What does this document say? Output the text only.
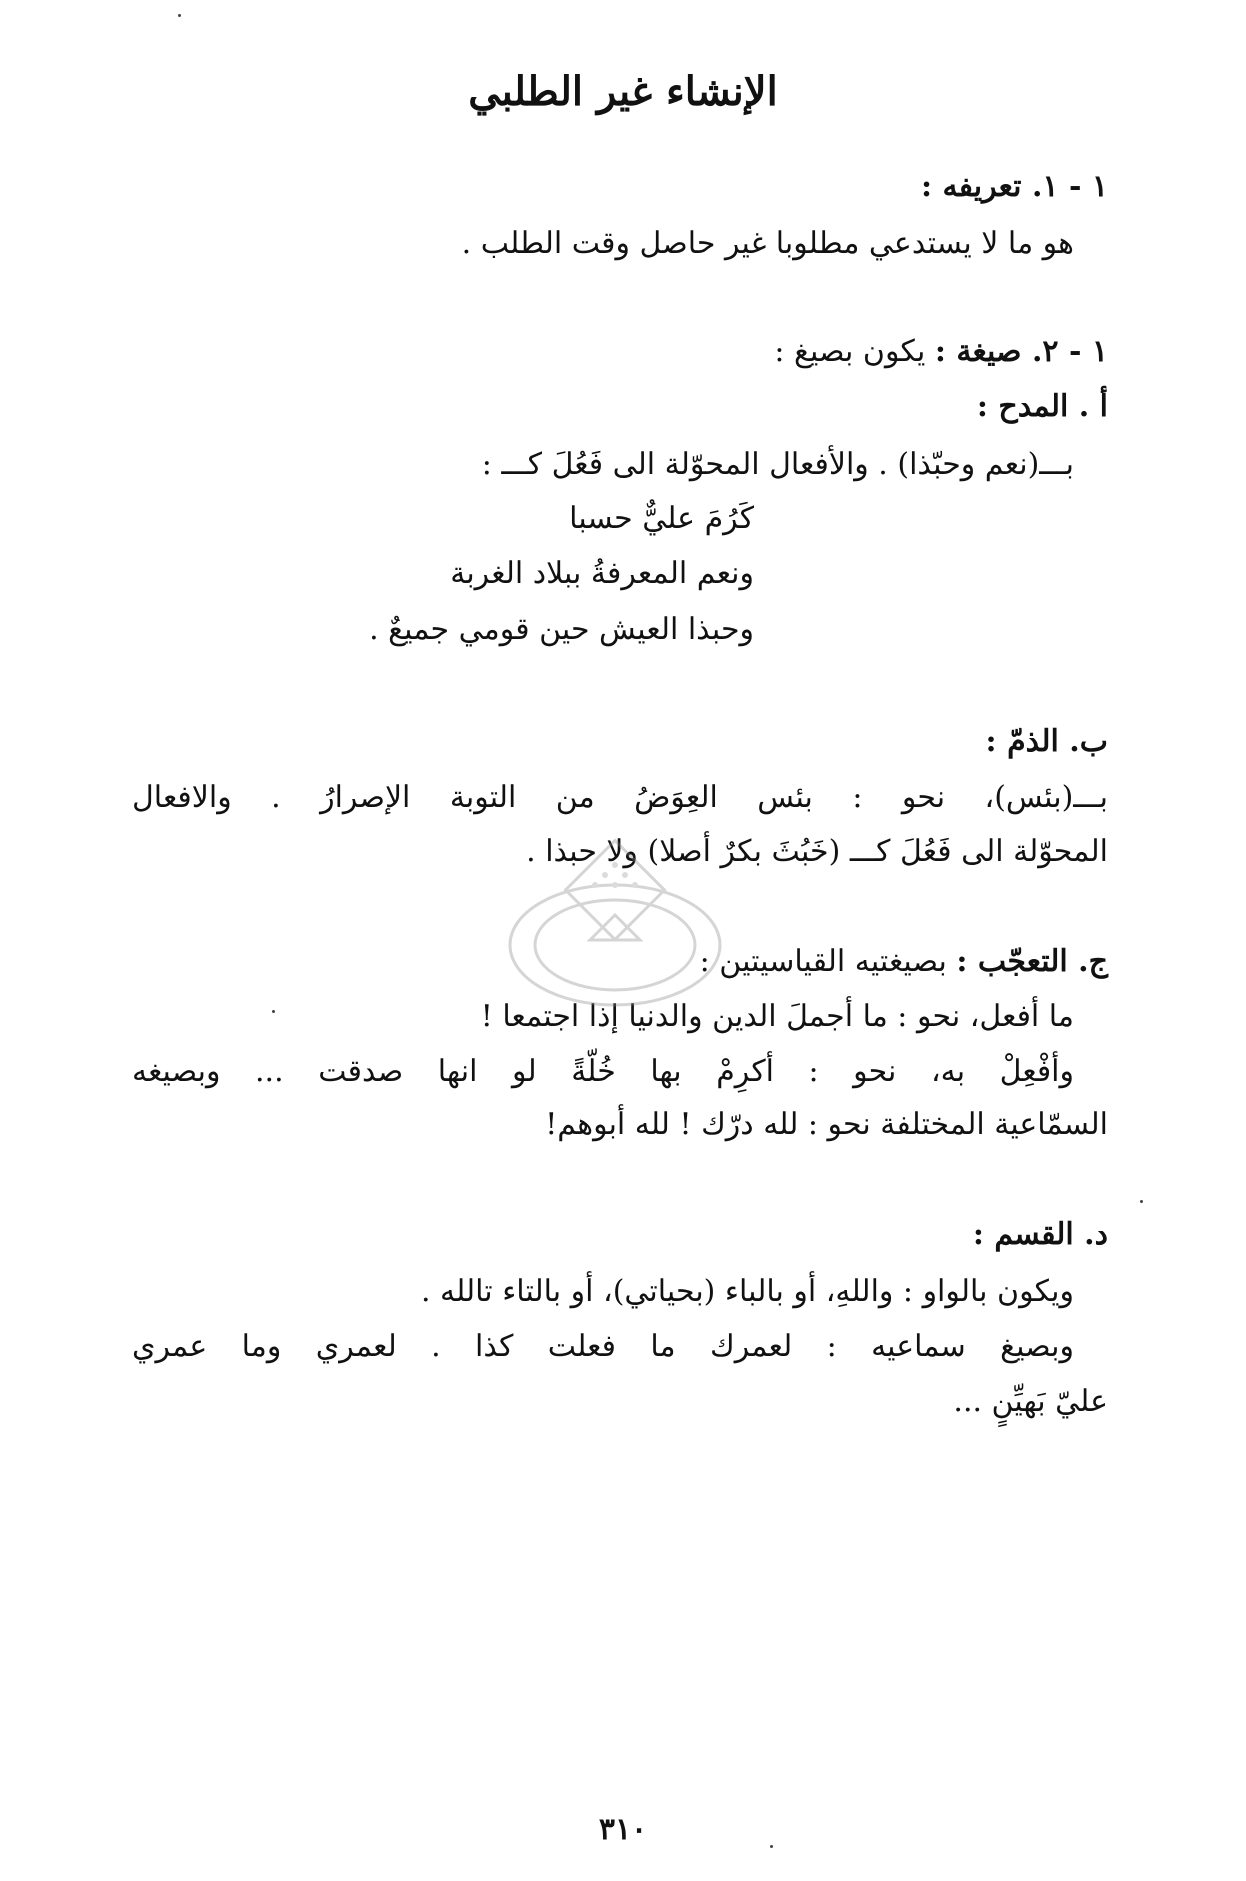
الإنشاء غير الطلبي
١ - ١. تعريفه :
هو ما لا يستدعي مطلوبا غير حاصل وقت الطلب .
١ - ٢. صيغة : يكون بصيغ :
أ . المدح :
بـــ(نعم وحبّذا) . والأفعال المحوّلة الى فَعُلَ كـــ :
كَرُمَ عليٌّ حسبا
ونعم المعرفةُ ببلاد الغربة
وحبذا العيش حين قومي جميعٌ .
ب. الذمّ :
بـــ(بئس)، نحو : بئس العِوَضُ من التوبة الإصرارُ . والافعال
المحوّلة الى فَعُلَ كـــ (خَبُثَ بكرٌ أصلا) ولا حبذا .
ج. التعجّب : بصيغتيه القياسيتين :
ما أفعل، نحو : ما أجملَ الدين والدنيا إذا اجتمعا !
وأفْعِلْ به، نحو : أكرِمْ بها خُلّةً لو انها صدقت ... وبصيغه
السمّاعية المختلفة نحو : لله درّك ! لله أبوهم!
د. القسم :
ويكون بالواو : واللهِ، أو بالباء (بحياتي)، أو بالتاء تالله .
وبصيغ سماعيه : لعمرك ما فعلت كذا . لعمري وما عمري
عليّ بَهيِّنٍ ...
٣١٠
